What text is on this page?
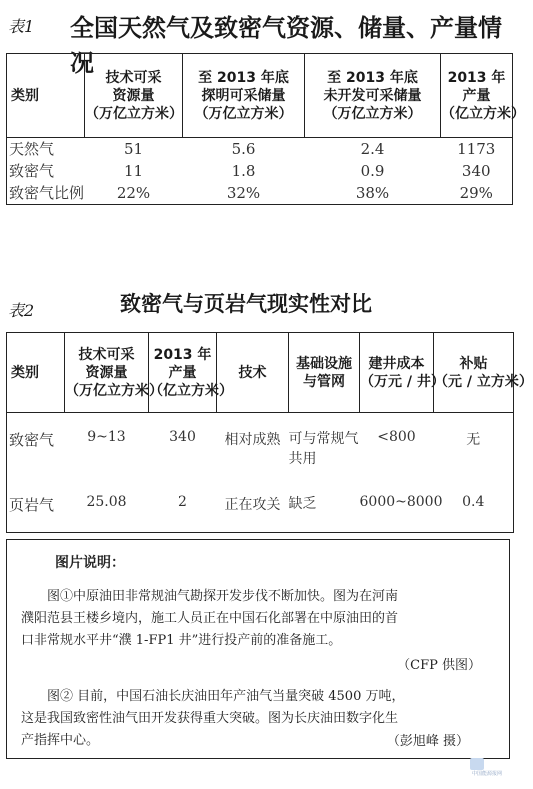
表1 全国天然气及致密气资源、储量、产量情况
类别	技术可采
资源量
（万亿立方米）	至 2013 年底
探明可采储量
（万亿立方米）	至 2013 年底
未开发可采储量
（万亿立方米）	2013 年
产量
（亿立方米）

天然气	51	5.6	2.4	1173
致密气	11	1.8	0.9	340
致密气比例	22%	32%	38%	29%
表2	致密气与页岩气现实性对比
类别	技术可采
资源量
（万亿立方米）	2013 年
产量
（亿立方米）	技术	基础设施
与管网	建井成本
（万元 / 井）	补贴
（元 / 立方米）

致密气	9~13	340	相对成熟	可与常规气共用	<800	无
页岩气	25.08	2	正在攻关	缺乏	6000~8000	0.4
图片说明：
图①中原油田非常规油气勘探开发步伐不断加快。图为在河南
濮阳范县王楼乡境内，施工人员正在中国石化部署在中原油田的首
口非常规水平井“濮 1-FP1 井”进行投产前的准备施工。
（CFP 供图）
图② 目前，中国石油长庆油田年产油气当量突破 4500 万吨，
这是我国致密性油气田开发获得重大突破。图为长庆油田数字化生
产指挥中心。	（彭旭峰 摄）
中国能源报网
